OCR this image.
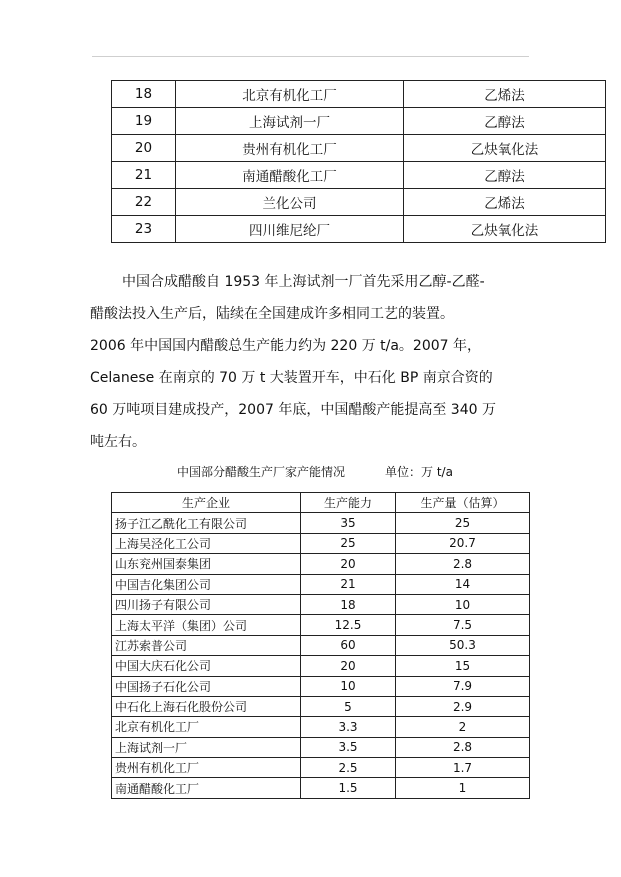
18	北京有机化工厂	乙烯法
19	上海试剂一厂	乙醇法
20	贵州有机化工厂	乙炔氧化法
21	南通醋酸化工厂	乙醇法
22	兰化公司	乙烯法
23	四川维尼纶厂	乙炔氧化法

中国合成醋酸自 1953 年上海试剂一厂首先采用乙醇-乙醛-
醋酸法投入生产后，陆续在全国建成许多相同工艺的装置。
2006 年中国国内醋酸总生产能力约为 220 万 t/a。2007 年，
Celanese 在南京的 70 万 t 大装置开车，中石化 BP 南京合资的
60 万吨项目建成投产，2007 年底，中国醋酸产能提高至 340 万
吨左右。

中国部分醋酸生产厂家产能情况	单位：万 t/a
生产企业	生产能力	生产量（估算）
扬子江乙酰化工有限公司	35	25
上海吴泾化工公司	25	20.7
山东兖州国泰集团	20	2.8
中国吉化集团公司	21	14
四川扬子有限公司	18	10
上海太平洋（集团）公司	12.5	7.5
江苏索普公司	60	50.3
中国大庆石化公司	20	15
中国扬子石化公司	10	7.9
中石化上海石化股份公司	5	2.9
北京有机化工厂	3.3	2
上海试剂一厂	3.5	2.8
贵州有机化工厂	2.5	1.7
南通醋酸化工厂	1.5	1
